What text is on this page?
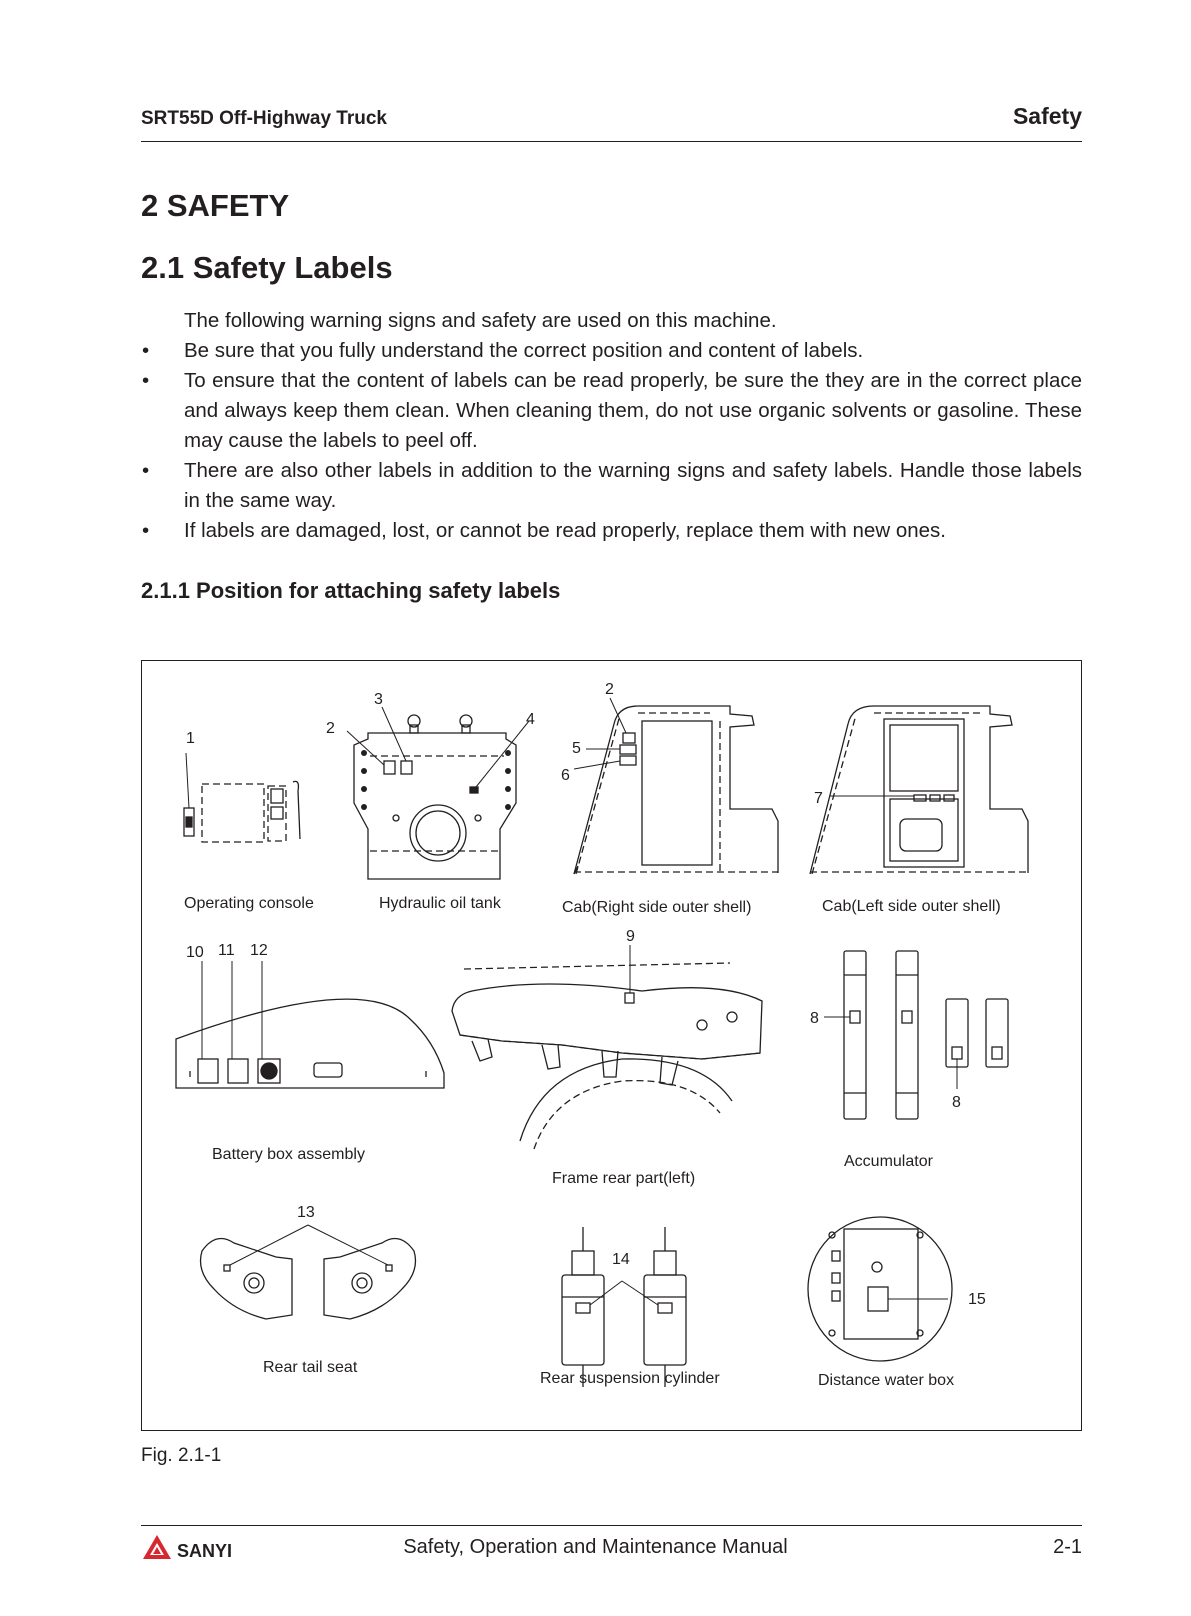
SRT55D Off-Highway Truck	Safety
2 SAFETY
2.1 Safety Labels

The following warning signs and safety are used on this machine.

• Be sure that you fully understand the correct position and content of labels.
• To ensure that the content of labels can be read properly, be sure the they are in the correct place and always keep them clean. When cleaning them, do not use organic solvents or gasoline. These may cause the labels to peel off.
• There are also other labels in addition to the warning signs and safety labels. Handle those labels in the same way.
• If labels are damaged, lost, or cannot be read properly, replace them with new ones.
2.1.1 Position for attaching safety labels
1
Operating console
2
3
4
Hydraulic oil tank
2
5
6
Cab(Right side outer shell)
7
Cab(Left side outer shell)
10 11 12
Battery box assembly
9
Frame rear part(left)
8
8
Accumulator
13
Rear tail seat
14
Rear suspension cylinder
15
Distance water box
Fig. 2.1-1
SANYI	Safety, Operation and Maintenance Manual	2-1
